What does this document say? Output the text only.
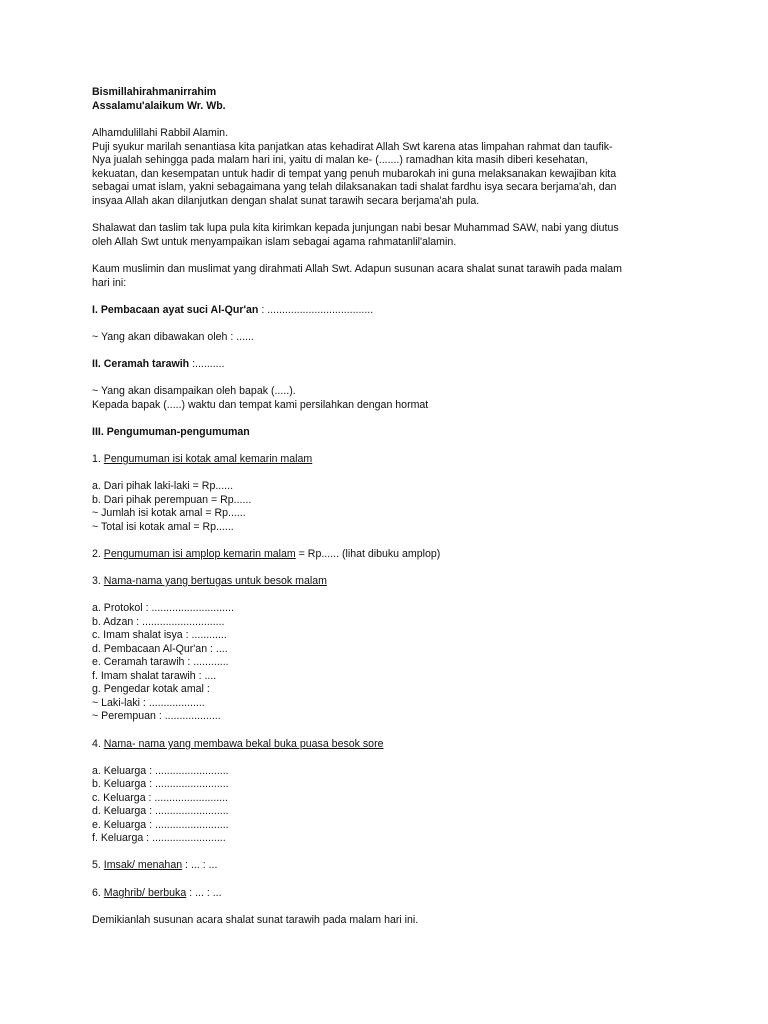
Bismillahirahmanirrahim
Assalamu'alaikum Wr. Wb.
Alhamdulillahi Rabbil Alamin.
Puji syukur marilah senantiasa kita panjatkan atas kehadirat Allah Swt karena atas limpahan rahmat dan taufik-
Nya jualah sehingga pada malam hari ini, yaitu di malan ke- (.......) ramadhan kita masih diberi kesehatan,
kekuatan, dan kesempatan untuk hadir di tempat yang penuh mubarokah ini guna melaksanakan kewajiban kita
sebagai umat islam, yakni sebagaimana yang telah dilaksanakan tadi shalat fardhu isya secara berjama'ah, dan
insyaa Allah akan dilanjutkan dengan shalat sunat tarawih secara berjama'ah pula.
Shalawat dan taslim tak lupa pula kita kirimkan kepada junjungan nabi besar Muhammad SAW, nabi yang diutus
oleh Allah Swt untuk menyampaikan islam sebagai agama rahmatanlil'alamin.
Kaum muslimin dan muslimat yang dirahmati Allah Swt. Adapun susunan acara shalat sunat tarawih pada malam
hari ini:
I. Pembacaan ayat suci Al-Qur'an : ....................................
~ Yang akan dibawakan oleh : ......
II. Ceramah tarawih :..........
~ Yang akan disampaikan oleh bapak (.....).
Kepada bapak (.....) waktu dan tempat kami persilahkan dengan hormat
III. Pengumuman-pengumuman
1. Pengumuman isi kotak amal kemarin malam
a. Dari pihak laki-laki = Rp......
b. Dari pihak perempuan = Rp......
~ Jumlah isi kotak amal = Rp......
~ Total isi kotak amal = Rp......
2. Pengumuman isi amplop kemarin malam = Rp...... (lihat dibuku amplop)
3. Nama-nama yang bertugas untuk besok malam
a. Protokol : ............................
b. Adzan : ............................
c. Imam shalat isya : ............
d. Pembacaan Al-Qur'an : ....
e. Ceramah tarawih : ............
f. Imam shalat tarawih : ....
g. Pengedar kotak amal :
~ Laki-laki : ...................
~ Perempuan : ...................
4. Nama- nama yang membawa bekal buka puasa besok sore
a. Keluarga : .........................
b. Keluarga : .........................
c. Keluarga : .........................
d. Keluarga : .........................
e. Keluarga : .........................
f. Keluarga : .........................
5. Imsak/ menahan : ... : ...
6. Maghrib/ berbuka : ... : ...
Demikianlah susunan acara shalat sunat tarawih pada malam hari ini.
